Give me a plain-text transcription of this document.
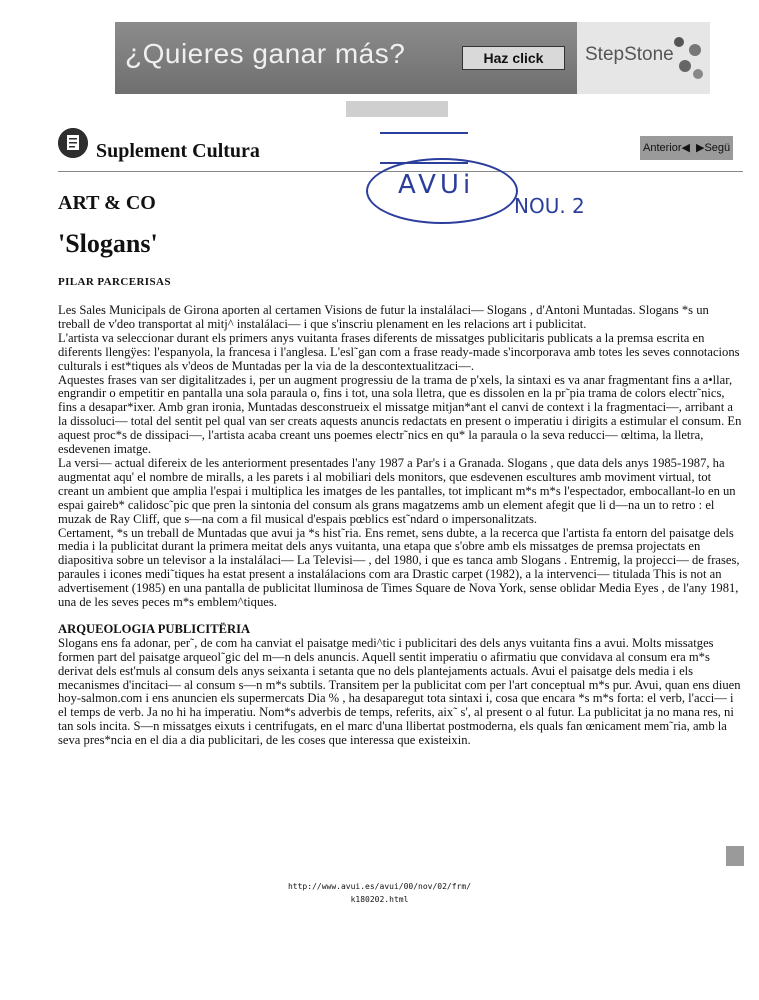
¿Quieres ganar más?	Haz click	StepStone
Suplement Cultura	Anterior◀ ▶Segü
AVUi
NOU. 2
ART & CO
'Slogans'
PILAR PARCERISAS

Les Sales Municipals de Girona aporten al certamen Visions de futur la instalálaci— Slogans , d'Antoni Muntadas. Slogans *s un treball de v'deo transportat al mitj^ instalálaci— i que s'inscriu plenament en les relacions art i publicitat.

L'artista va seleccionar durant els primers anys vuitanta frases diferents de missatges publicitaris publicats a la premsa escrita en diferents llengÿes: l'espanyola, la francesa i l'anglesa. L'esl˜gan com a frase ready-made s'incorporava amb totes les seves connotacions culturals i est*tiques als v'deos de Muntadas per la via de la descontextualitzaci—.

Aquestes frases van ser digitalitzades i, per un augment progressiu de la trama de p'xels, la sintaxi es va anar fragmentant fins a a•llar, engrandir o empetitir en pantalla una sola paraula o, fins i tot, una sola lletra, que es dissolen en la pr˜pia trama de colors electr˜nics, fins a desapar*ixer. Amb gran ironia, Muntadas desconstrueix el missatge mitjan*ant el canvi de context i la fragmentaci—, arribant a la dissoluci— total del sentit pel qual van ser creats aquests anuncis redactats en present o imperatiu i dirigits a estimular el consum. En aquest proc*s de dissipaci—, l'artista acaba creant uns poemes electr˜nics en qu* la paraula o la seva reducci— œltima, la lletra, esdevenen imatge.

La versi— actual difereix de les anteriorment presentades l'any 1987 a Par's i a Granada. Slogans , que data dels anys 1985-1987, ha augmentat aqu' el nombre de miralls, a les parets i al mobiliari dels monitors, que esdevenen escultures amb moviment virtual, tot creant un ambient que amplia l'espai i multiplica les imatges de les pantalles, tot implicant m*s m*s l'espectador, embocallant-lo en un espai gaireb* calidosc˜pic que pren la sintonia del consum als grans magatzems amb un element afegit que li d—na un to retro : el muzak de Ray Cliff, que s—na com a fil musical d'espais pœblics est˜ndard o impersonalitzats.

Certament, *s un treball de Muntadas que avui ja *s hist˜ria. Ens remet, sens dubte, a la recerca que l'artista fa entorn del paisatge dels media i la publicitat durant la primera meitat dels anys vuitanta, una etapa que s'obre amb els missatges de premsa projectats en diapositiva sobre un televisor a la instalálaci— La Televisi— , del 1980, i que es tanca amb Slogans . Entremig, la projecci— de frases, paraules i icones medi˜tiques ha estat present a instalálacions com ara Drastic carpet (1982), a la intervenci— titulada This is not an advertisement (1985) en una pantalla de publicitat lluminosa de Times Square de Nova York, sense oblidar Media Eyes , de l'any 1981, una de les seves peces m*s emblem^tiques.

ARQUEOLOGIA PUBLICITËRIA

Slogans ens fa adonar, per˜, de com ha canviat el paisatge medi^tic i publicitari des dels anys vuitanta fins a avui. Molts missatges formen part del paisatge arqueol˜gic del m—n dels anuncis. Aquell sentit imperatiu o afirmatiu que convidava al consum era m*s derivat dels est'muls al consum dels anys seixanta i setanta que no dels plantejaments actuals. Avui el paisatge dels media i els mecanismes d'incitaci— al consum s—n m*s subtils. Transitem per la publicitat com per l'art conceptual m*s pur. Avui, quan ens diuen hoy-salmon.com i ens anuncien els supermercats Dia % , ha desaparegut tota sintaxi i, cosa que encara *s m*s forta: el verb, l'acci— i el temps de verb. Ja no hi ha imperatiu. Nom*s adverbis de temps, referits, aix˜ s', al present o al futur. La publicitat ja no mana res, ni tan sols incita. S—n missatges eixuts i centrifugats, en el marc d'una llibertat postmoderna, els quals fan œnicament mem˜ria, amb la seva pres*ncia en el dia a dia publicitari, de les coses que interessa que existeixin.

http://www.avui.es/avui/00/nov/02/frm/
k180202.html
